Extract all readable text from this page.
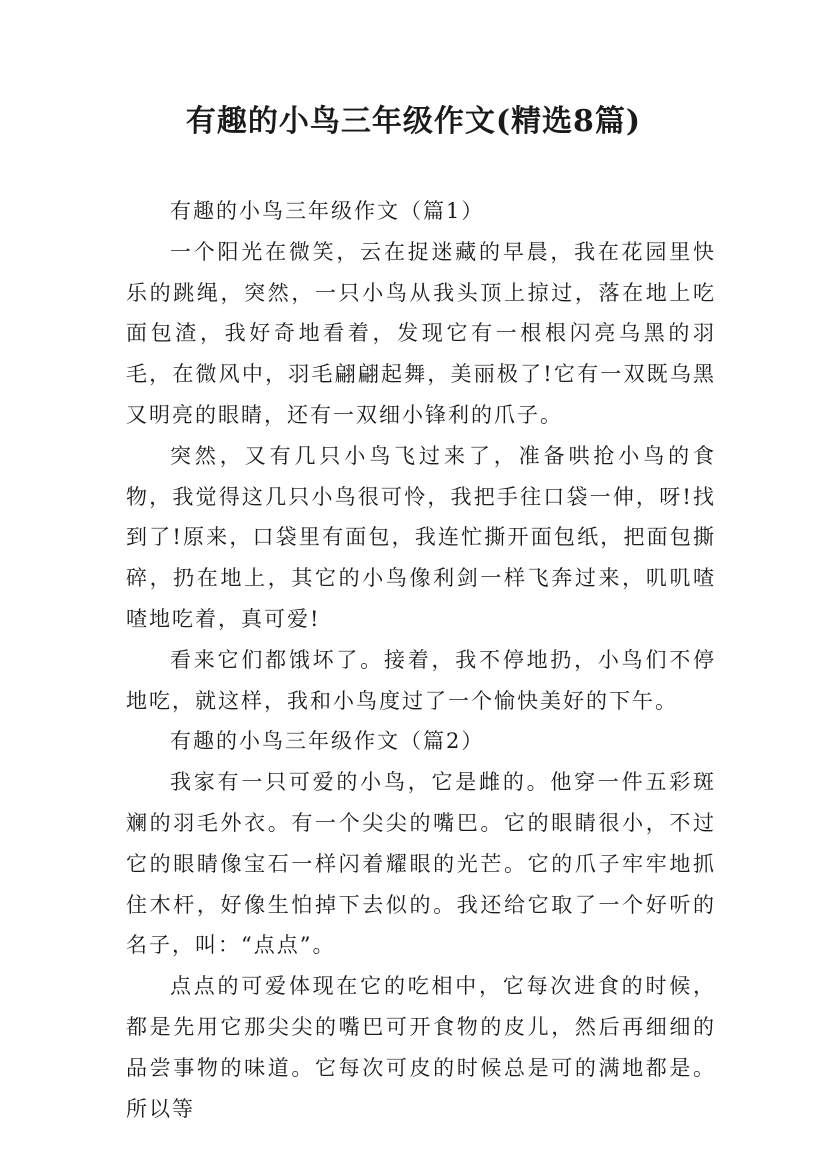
有趣的小鸟三年级作文(精选8篇)

有趣的小鸟三年级作文（篇1）

一个阳光在微笑，云在捉迷藏的早晨，我在花园里快乐的跳绳，突然，一只小鸟从我头顶上掠过，落在地上吃面包渣，我好奇地看着，发现它有一根根闪亮乌黑的羽毛，在微风中，羽毛翩翩起舞，美丽极了!它有一双既乌黑又明亮的眼睛，还有一双细小锋利的爪子。

突然，又有几只小鸟飞过来了，准备哄抢小鸟的食物，我觉得这几只小鸟很可怜，我把手往口袋一伸，呀!找到了!原来，口袋里有面包，我连忙撕开面包纸，把面包撕碎，扔在地上，其它的小鸟像利剑一样飞奔过来，叽叽喳喳地吃着，真可爱!

看来它们都饿坏了。接着，我不停地扔，小鸟们不停地吃，就这样，我和小鸟度过了一个愉快美好的下午。

有趣的小鸟三年级作文（篇2）

我家有一只可爱的小鸟，它是雌的。他穿一件五彩斑斓的羽毛外衣。有一个尖尖的嘴巴。它的眼睛很小，不过它的眼睛像宝石一样闪着耀眼的光芒。它的爪子牢牢地抓住木杆，好像生怕掉下去似的。我还给它取了一个好听的名子，叫：“点点”。

点点的可爱体现在它的吃相中，它每次进食的时候，都是先用它那尖尖的嘴巴可开食物的皮儿，然后再细细的品尝事物的味道。它每次可皮的时候总是可的满地都是。所以等
